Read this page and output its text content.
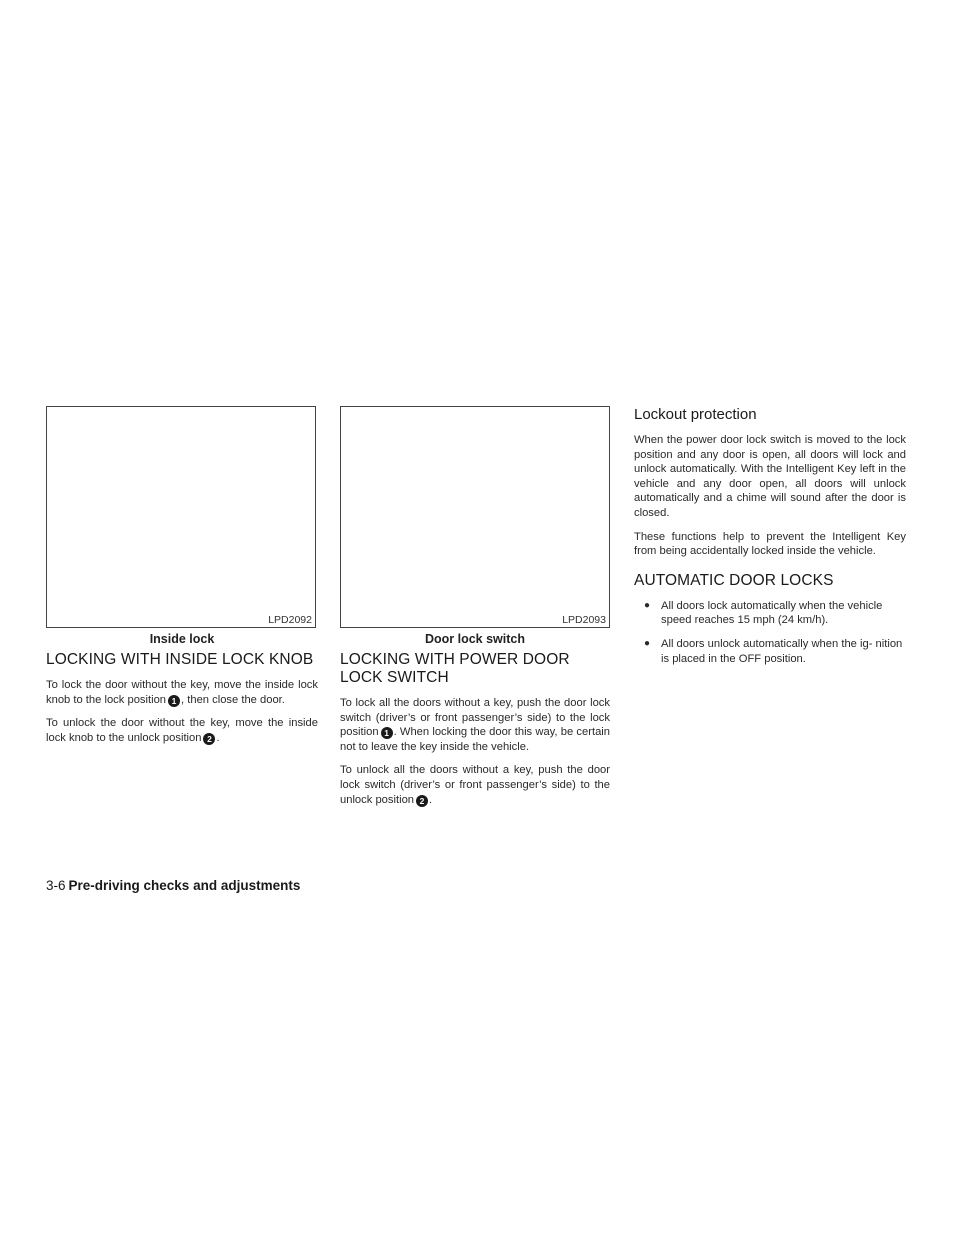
LPD2092
Inside lock
LOCKING WITH INSIDE LOCK KNOB

To lock the door without the key, move the inside lock knob to the lock position 1 , then close the door.

To unlock the door without the key, move the inside lock knob to the unlock position 2 .

LPD2093
Door lock switch
LOCKING WITH POWER DOOR LOCK SWITCH

To lock all the doors without a key, push the door lock switch (driver’s or front passenger’s side) to the lock position 1 . When locking the door this way, be certain not to leave the key inside the vehicle.

To unlock all the doors without a key, push the door lock switch (driver’s or front passenger’s side) to the unlock position 2 .

Lockout protection

When the power door lock switch is moved to the lock position and any door is open, all doors will lock and unlock automatically. With the Intelligent Key left in the vehicle and any door open, all doors will unlock automatically and a chime will sound after the door is closed.

These functions help to prevent the Intelligent Key from being accidentally locked inside the vehicle.

AUTOMATIC DOOR LOCKS
● All doors lock automatically when the vehicle speed reaches 15 mph (24 km/h).
● All doors unlock automatically when the ig- nition is placed in the OFF position.
3-6 Pre-driving checks and adjustments
